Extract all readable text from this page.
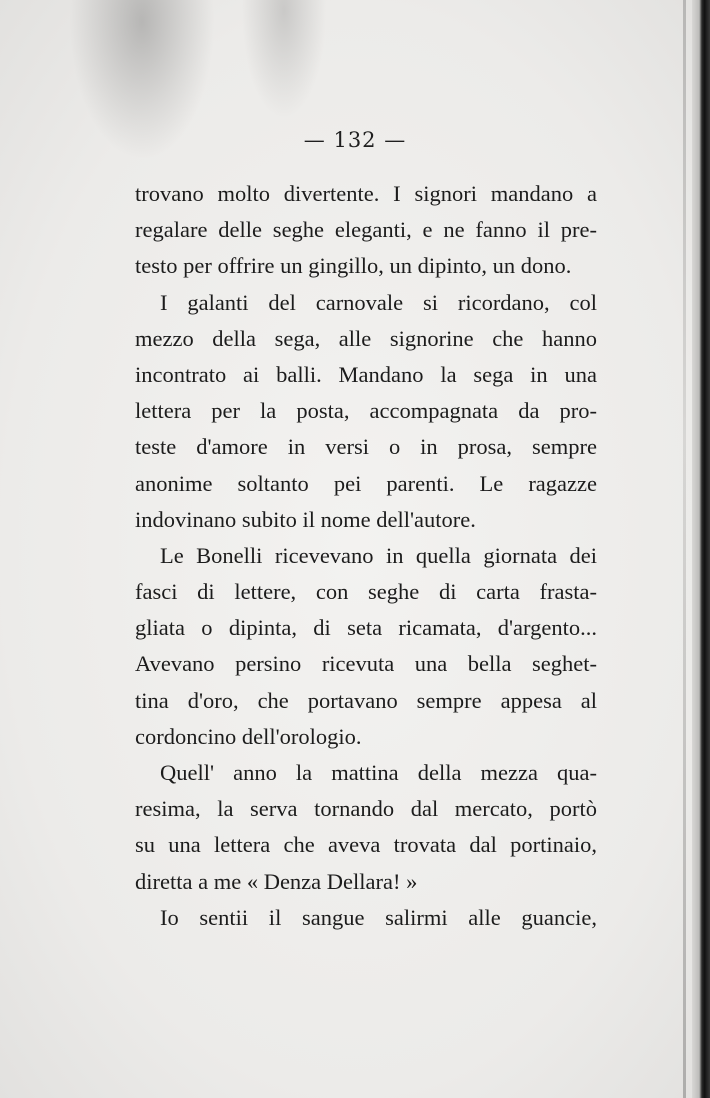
— 132 —
trovano molto divertente. I signori mandano a
regalare delle seghe eleganti, e ne fanno il pre-
testo per offrire un gingillo, un dipinto, un dono.
I galanti del carnovale si ricordano, col
mezzo della sega, alle signorine che hanno
incontrato ai balli. Mandano la sega in una
lettera per la posta, accompagnata da pro-
teste d'amore in versi o in prosa, sempre
anonime soltanto pei parenti. Le ragazze
indovinano subito il nome dell'autore.
Le Bonelli ricevevano in quella giornata dei
fasci di lettere, con seghe di carta frasta-
gliata o dipinta, di seta ricamata, d'argento...
Avevano persino ricevuta una bella seghet-
tina d'oro, che portavano sempre appesa al
cordoncino dell'orologio.
Quell' anno la mattina della mezza qua-
resima, la serva tornando dal mercato, portò
su una lettera che aveva trovata dal portinaio,
diretta a me « Denza Dellara! »
Io sentii il sangue salirmi alle guancie,
